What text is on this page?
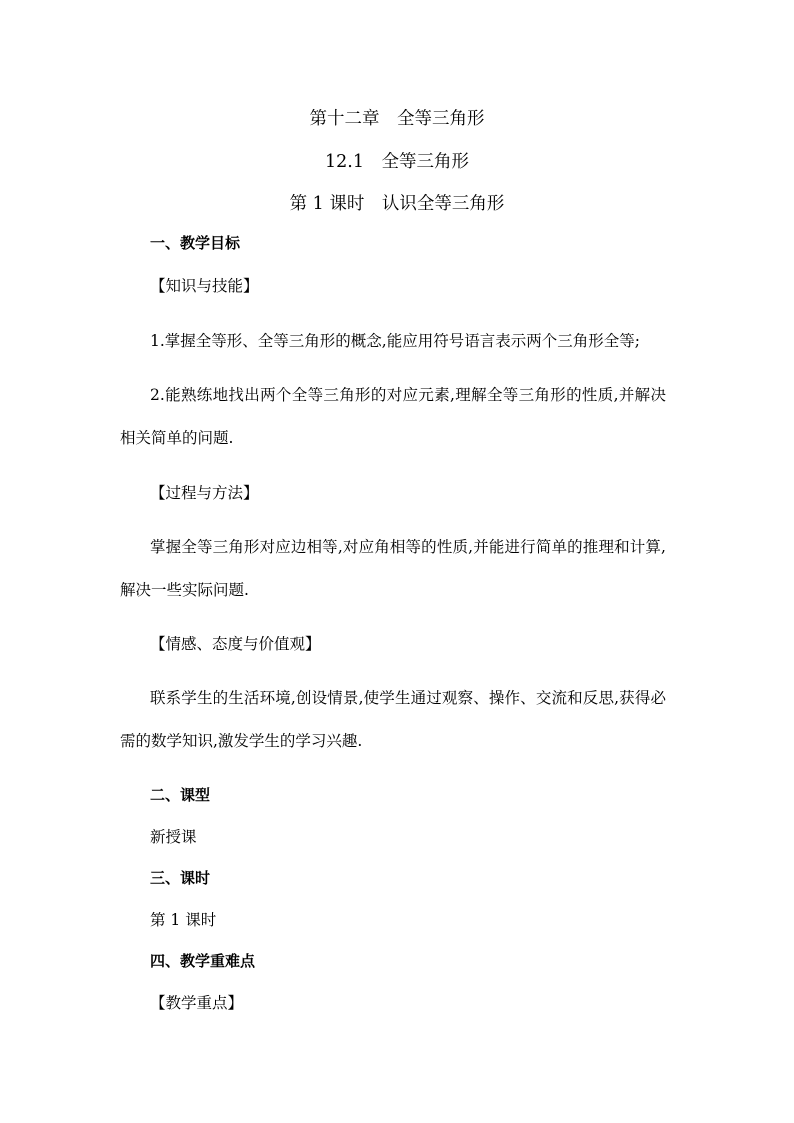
第十二章　全等三角形
12.1　全等三角形
第 1 课时　认识全等三角形
一、教学目标
【知识与技能】
1.掌握全等形、全等三角形的概念,能应用符号语言表示两个三角形全等;
2.能熟练地找出两个全等三角形的对应元素,理解全等三角形的性质,并解决
相关简单的问题.
【过程与方法】
掌握全等三角形对应边相等,对应角相等的性质,并能进行简单的推理和计算,
解决一些实际问题.
【情感、态度与价值观】
联系学生的生活环境,创设情景,使学生通过观察、操作、交流和反思,获得必
需的数学知识,激发学生的学习兴趣.
二、课型
新授课
三、课时
第 1 课时
四、教学重难点
【教学重点】
